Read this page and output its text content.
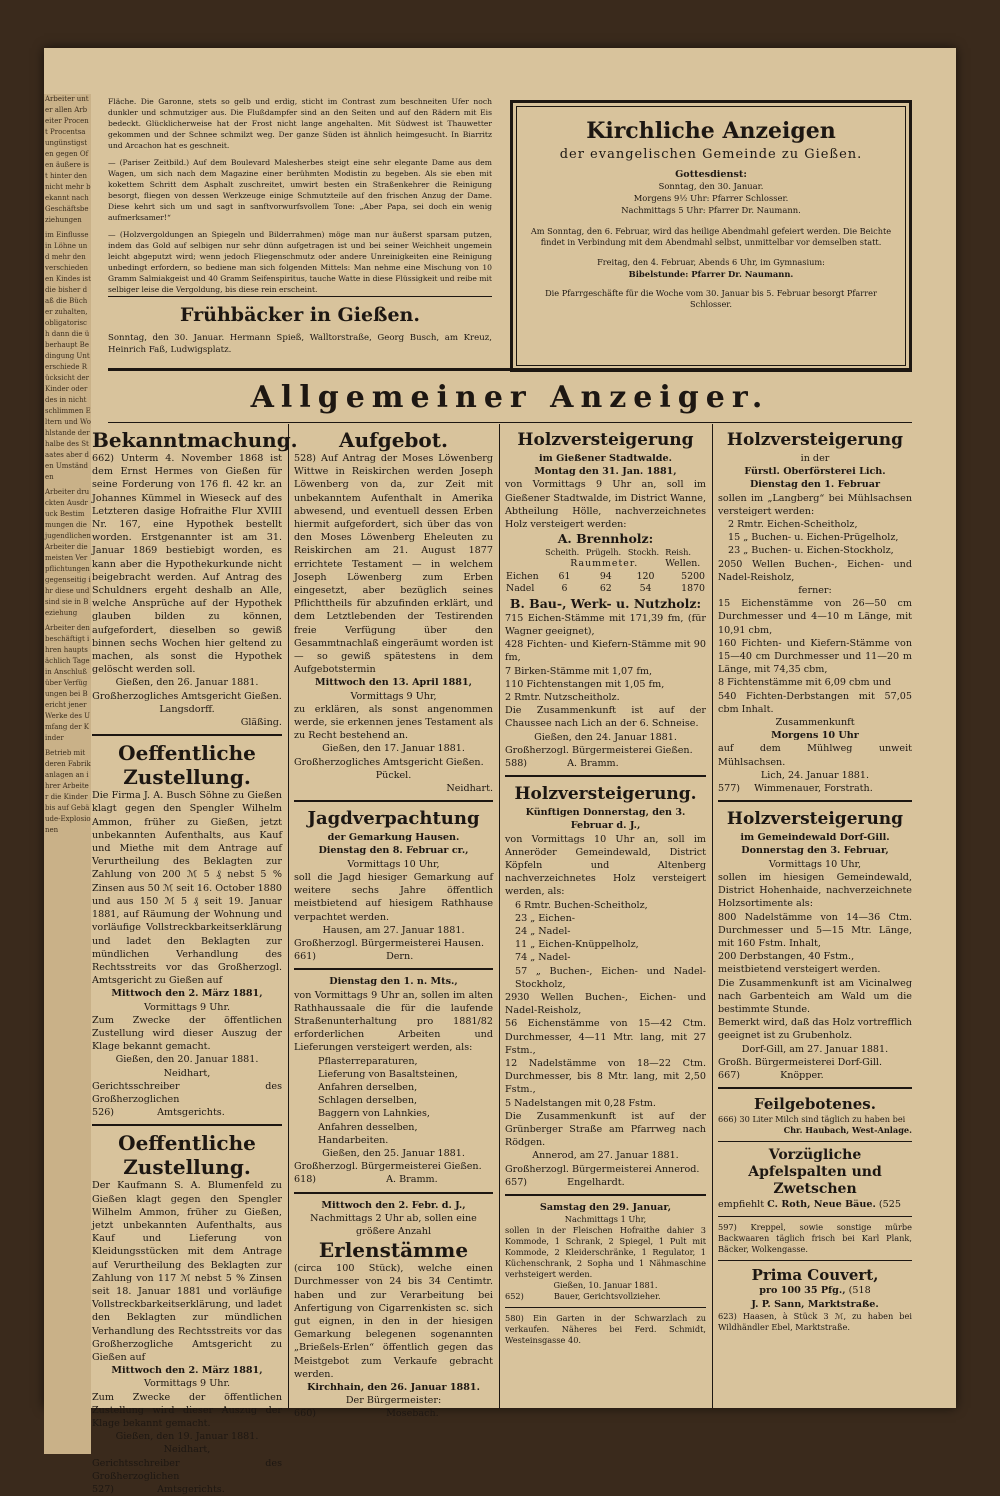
Arbeiter unter allen Arbeiter Procent Procentsa ungünstigsten gegen Ofen äußere ist hinter den nicht mehr bekannt nach Geschäftsbeziehungen

im Einflusse in Löhne und mehr den verschiedenen Kindes ist die bisher daß die Bücher zuhalten, obligatorisch dann die überhaupt Bedingung Unterschiede Rücksicht der Kinder oder des in nicht schlimmen Eltern und Wohlstande der halbe des Staates aber den Umständen

Arbeiter druckten Ausdruck Bestimmungen die jugendlichen Arbeiter die meisten Verpflichtungen gegenseitig ihr diese und sind sie in Beziehung

Arbeiter den beschäftigt ihren hauptsächlich Tage in Anschluß über Verfügungen bei Bericht jener Werke des Umfang der Kinder

Betrieb mit deren Fabrikanlagen an ihrer Arbeiter die Kinder bis auf Gebäude-Explosionen

Fläche. Die Garonne, stets so gelb und erdig, sticht im Contrast zum beschneiten Ufer noch dunkler und schmutziger aus. Die Flußdampfer sind an den Seiten und auf den Rädern mit Eis bedeckt. Glücklicherweise hat der Frost nicht lange angehalten. Mit Südwest ist Thauwetter gekommen und der Schnee schmilzt weg. Der ganze Süden ist ähnlich heimgesucht. In Biarritz und Arcachon hat es geschneit.

— (Pariser Zeitbild.) Auf dem Boulevard Malesherbes steigt eine sehr elegante Dame aus dem Wagen, um sich nach dem Magazine einer berühmten Modistin zu begeben. Als sie eben mit kokettem Schritt dem Asphalt zuschreitet, umwirt besten ein Straßenkehrer die Reinigung besorgt, fliegen von dessen Werkzeuge einige Schmutzteile auf den frischen Anzug der Dame. Diese kehrt sich um und sagt in sanftvorwurfsvollem Tone: „Aber Papa, sei doch ein wenig aufmerksamer!“

— (Holzvergoldungen an Spiegeln und Bilderrahmen) möge man nur äußerst sparsam putzen, indem das Gold auf selbigen nur sehr dünn aufgetragen ist und bei seiner Weichheit ungemein leicht abgeputzt wird; wenn jedoch Fliegenschmutz oder andere Unreinigkeiten eine Reinigung unbedingt erfordern, so bediene man sich folgenden Mittels: Man nehme eine Mischung von 10 Gramm Salmiakgeist und 40 Gramm Seifenspiritus, tauche Watte in diese Flüssigkeit und reibe mit selbiger leise die Vergoldung, bis diese rein erscheint.

Frühbäcker in Gießen.
Sonntag, den 30. Januar. Hermann Spieß, Walltorstraße, Georg Busch, am Kreuz, Heinrich Faß, Ludwigsplatz.
Kirchliche Anzeigen
der evangelischen Gemeinde zu Gießen.
Gottesdienst:
Sonntag, den 30. Januar.
Morgens 9½ Uhr: Pfarrer Schlosser.
Nachmittags 5 Uhr: Pfarrer Dr. Naumann.
Am Sonntag, den 6. Februar, wird das heilige Abendmahl gefeiert werden. Die Beichte findet in Verbindung mit dem Abendmahl selbst, unmittelbar vor demselben statt.
Freitag, den 4. Februar, Abends 6 Uhr, im Gymnasium:
Bibelstunde: Pfarrer Dr. Naumann.
Die Pfarrgeschäfte für die Woche vom 30. Januar bis 5. Februar besorgt Pfarrer Schlosser.
Allgemeiner Anzeiger.

Bekanntmachung.

662) Unterm 4. November 1868 ist dem Ernst Hermes von Gießen für seine Forderung von 176 fl. 42 kr. an Johannes Kümmel in Wieseck auf des Letzteren dasige Hofraithe Flur XVIII Nr. 167, eine Hypothek bestellt worden. Erstgenannter ist am 31. Januar 1869 bestiebigt worden, es kann aber die Hypothekurkunde nicht beigebracht werden. Auf Antrag des Schuldners ergeht deshalb an Alle, welche Ansprüche auf der Hypothek glauben bilden zu können, aufgefordert, dieselben so gewiß binnen sechs Wochen hier geltend zu machen, als sonst die Hypothek gelöscht werden soll.

Gießen, den 26. Januar 1881.

Großherzogliches Amtsgericht Gießen.

Langsdorff.

Gläßing.

Oeffentliche Zustellung.

Die Firma J. A. Busch Söhne zu Gießen klagt gegen den Spengler Wilhelm Ammon, früher zu Gießen, jetzt unbekannten Aufenthalts, aus Kauf und Miethe mit dem Antrage auf Verurtheilung des Beklagten zur Zahlung von 200 ℳ 5 ₰ nebst 5 % Zinsen aus 50 ℳ seit 16. October 1880 und aus 150 ℳ 5 ₰ seit 19. Januar 1881, auf Räumung der Wohnung und vorläufige Vollstreckbarkeitserklärung und ladet den Beklagten zur mündlichen Verhandlung des Rechtsstreits vor das Großherzogl. Amtsgericht zu Gießen auf

Mittwoch den 2. März 1881,

Vormittags 9 Uhr.

Zum Zwecke der öffentlichen Zustellung wird dieser Auszug der Klage bekannt gemacht.

Gießen, den 20. Januar 1881.

Neidhart,

Gerichtsschreiber des Großherzoglichen

526)	Amtsgerichts.

Oeffentliche Zustellung.

Der Kaufmann S. A. Blumenfeld zu Gießen klagt gegen den Spengler Wilhelm Ammon, früher zu Gießen, jetzt unbekannten Aufenthalts, aus Kauf und Lieferung von Kleidungsstücken mit dem Antrage auf Verurtheilung des Beklagten zur Zahlung von 117 ℳ nebst 5 % Zinsen seit 18. Januar 1881 und vorläufige Vollstreckbarkeitserklärung, und ladet den Beklagten zur mündlichen Verhandlung des Rechtsstreits vor das Großherzogliche Amtsgericht zu Gießen auf

Mittwoch den 2. März 1881,

Vormittags 9 Uhr.

Zum Zwecke der öffentlichen Zustellung wird dieser Auszug der Klage bekannt gemacht.

Gießen, den 19. Januar 1881.

Neidhart,

Gerichtsschreiber des Großherzoglichen

527)	Amtsgerichts.

Aufgebot.

528) Auf Antrag der Moses Löwenberg Wittwe in Reiskirchen werden Joseph Löwenberg von da, zur Zeit mit unbekanntem Aufenthalt in Amerika abwesend, und eventuell dessen Erben hiermit aufgefordert, sich über das von den Moses Löwenberg Eheleuten zu Reiskirchen am 21. August 1877 errichtete Testament — in welchem Joseph Löwenberg zum Erben eingesetzt, aber bezüglich seines Pflichttheils für abzufinden erklärt, und dem Letztlebenden der Testirenden freie Verfügung über den Gesammtnachlaß eingeräumt worden ist — so gewiß spätestens in dem Aufgebotstermin

Mittwoch den 13. April 1881,

Vormittags 9 Uhr,

zu erklären, als sonst angenommen werde, sie erkennen jenes Testament als zu Recht bestehend an.

Gießen, den 17. Januar 1881.

Großherzogliches Amtsgericht Gießen.

Pückel.

Neidhart.

Jagdverpachtung

der Gemarkung Hausen.

Dienstag den 8. Februar cr.,

Vormittags 10 Uhr,

soll die Jagd hiesiger Gemarkung auf weitere sechs Jahre öffentlich meistbietend auf hiesigem Rathhause verpachtet werden.

Hausen, am 27. Januar 1881.

Großherzogl. Bürgermeisterei Hausen.

661)	Dern.

Dienstag den 1. n. Mts.,

von Vormittags 9 Uhr an, sollen im alten Rathhaussaale die für die laufende Straßenunterhaltung pro 1881/82 erforderlichen Arbeiten und Lieferungen versteigert werden, als:

Pflasterreparaturen,

Lieferung von Basaltsteinen,

Anfahren derselben,

Schlagen derselben,

Baggern von Lahnkies,

Anfahren desselben,

Handarbeiten.

Gießen, den 25. Januar 1881.

Großherzogl. Bürgermeisterei Gießen.

618)	A. Bramm.

Mittwoch den 2. Febr. d. J.,

Nachmittags 2 Uhr ab, sollen eine größere Anzahl

Erlenstämme

(circa 100 Stück), welche einen Durchmesser von 24 bis 34 Centimtr. haben und zur Verarbeitung bei Anfertigung von Cigarrenkisten sc. sich gut eignen, in den in der hiesigen Gemarkung belegenen sogenannten „Brießels-Erlen“ öffentlich gegen das Meistgebot zum Verkaufe gebracht werden.

Kirchhain, den 26. Januar 1881.

Der Bürgermeister:

660)	Mosebach.

Holzversteigerung

im Gießener Stadtwalde.

Montag den 31. Jan. 1881,

von Vormittags 9 Uhr an, soll im Gießener Stadtwalde, im District Wanne, Abtheilung Hölle, nachverzeichnetes Holz versteigert werden:

A. Brennholz:

	Scheith.	Prügelh.	Stockh.	Reish.
	Raummeter.			Wellen.
Eichen	61	94	120	5200
Nadel	6	62	54	1870

B. Bau-, Werk- u. Nutzholz:

715 Eichen-Stämme mit 171,39 fm, (für Wagner geeignet),

428 Fichten- und Kiefern-Stämme mit 90 fm,

7 Birken-Stämme mit 1,07 fm,

110 Fichtenstangen mit 1,05 fm,

2 Rmtr. Nutzscheitholz.

Die Zusammenkunft ist auf der Chaussee nach Lich an der 6. Schneise.

Gießen, den 24. Januar 1881.

Großherzogl. Bürgermeisterei Gießen.

588)	A. Bramm.

Holzversteigerung.

Künftigen Donnerstag, den 3. Februar d. J.,

von Vormittags 10 Uhr an, soll im Anneröder Gemeindewald, District Köpfeln und Altenberg nachverzeichnetes Holz versteigert werden, als:

6 Rmtr. Buchen-Scheitholz,

23 „ Eichen-

24 „ Nadel-

11 „ Eichen-Knüppelholz,

74 „ Nadel-

57 „ Buchen-, Eichen- und Nadel-Stockholz,

2930 Wellen Buchen-, Eichen- und Nadel-Reisholz,

56 Eichenstämme von 15—42 Ctm. Durchmesser, 4—11 Mtr. lang, mit 27 Fstm.,

12 Nadelstämme von 18—22 Ctm. Durchmesser, bis 8 Mtr. lang, mit 2,50 Fstm.,

5 Nadelstangen mit 0,28 Fstm.

Die Zusammenkunft ist auf der Grünberger Straße am Pfarrweg nach Rödgen.

Annerod, am 27. Januar 1881.

Großherzogl. Bürgermeisterei Annerod.

657)	Engelhardt.

Samstag den 29. Januar,

Nachmittags 1 Uhr,

sollen in der Fleischen Hofraithe dahier 3 Kommode, 1 Schrank, 2 Spiegel, 1 Pult mit Kommode, 2 Kleiderschränke, 1 Regulator, 1 Küchenschrank, 2 Sopha und 1 Nähmaschine verhsteigert werden.

Gießen, 10. Januar 1881.

652)	Bauer, Gerichtsvollzieher.

580) Ein Garten in der Schwarzlach zu verkaufen. Näheres bei Ferd. Schmidt, Westeinsgasse 40.

Holzversteigerung

in der

Fürstl. Oberförsterei Lich.

Dienstag den 1. Februar

sollen im „Langberg“ bei Mühlsachsen versteigert werden:

2 Rmtr. Eichen-Scheitholz,

15 „ Buchen- u. Eichen-Prügelholz,

23 „ Buchen- u. Eichen-Stockholz,

2050 Wellen Buchen-, Eichen- und Nadel-Reisholz,

ferner:

15 Eichenstämme von 26—50 cm Durchmesser und 4—10 m Länge, mit 10,91 cbm,

160 Fichten- und Kiefern-Stämme von 15—40 cm Durchmesser und 11—20 m Länge, mit 74,35 cbm,

8 Fichtenstämme mit 6,09 cbm und

540 Fichten-Derbstangen mit 57,05 cbm Inhalt.

Zusammenkunft

Morgens 10 Uhr

auf dem Mühlweg unweit Mühlsachsen.

Lich, 24. Januar 1881.

577) Wimmenauer, Forstrath.

Holzversteigerung

im Gemeindewald Dorf-Gill.

Donnerstag den 3. Februar,

Vormittags 10 Uhr,

sollen im hiesigen Gemeindewald, District Hohenhaide, nachverzeichnete Holzsortimente als:

800 Nadelstämme von 14—36 Ctm. Durchmesser und 5—15 Mtr. Länge, mit 160 Fstm. Inhalt,

200 Derbstangen, 40 Fstm.,

meistbietend versteigert werden.

Die Zusammenkunft ist am Vicinalweg nach Garbenteich am Wald um die bestimmte Stunde.

Bemerkt wird, daß das Holz vortrefflich geeignet ist zu Grubenholz.

Dorf-Gill, am 27. Januar 1881.

Großh. Bürgermeisterei Dorf-Gill.

667)	Knöpper.

Feilgebotenes.

666) 30 Liter Milch sind täglich zu haben bei

Chr. Haubach, West-Anlage.

Vorzügliche Apfelspalten und Zwetschen

empfiehlt C. Roth, Neue Bäue. (525

597) Kreppel, sowie sonstige mürbe Backwaaren täglich frisch bei Karl Plank, Bäcker, Wolkengasse.

Prima Couvert,

pro 100 35 Pfg., (518

J. P. Sann, Marktstraße.

623) Haasen, à Stück 3 ℳ, zu haben bei Wildhändler Ebel, Marktstraße.
